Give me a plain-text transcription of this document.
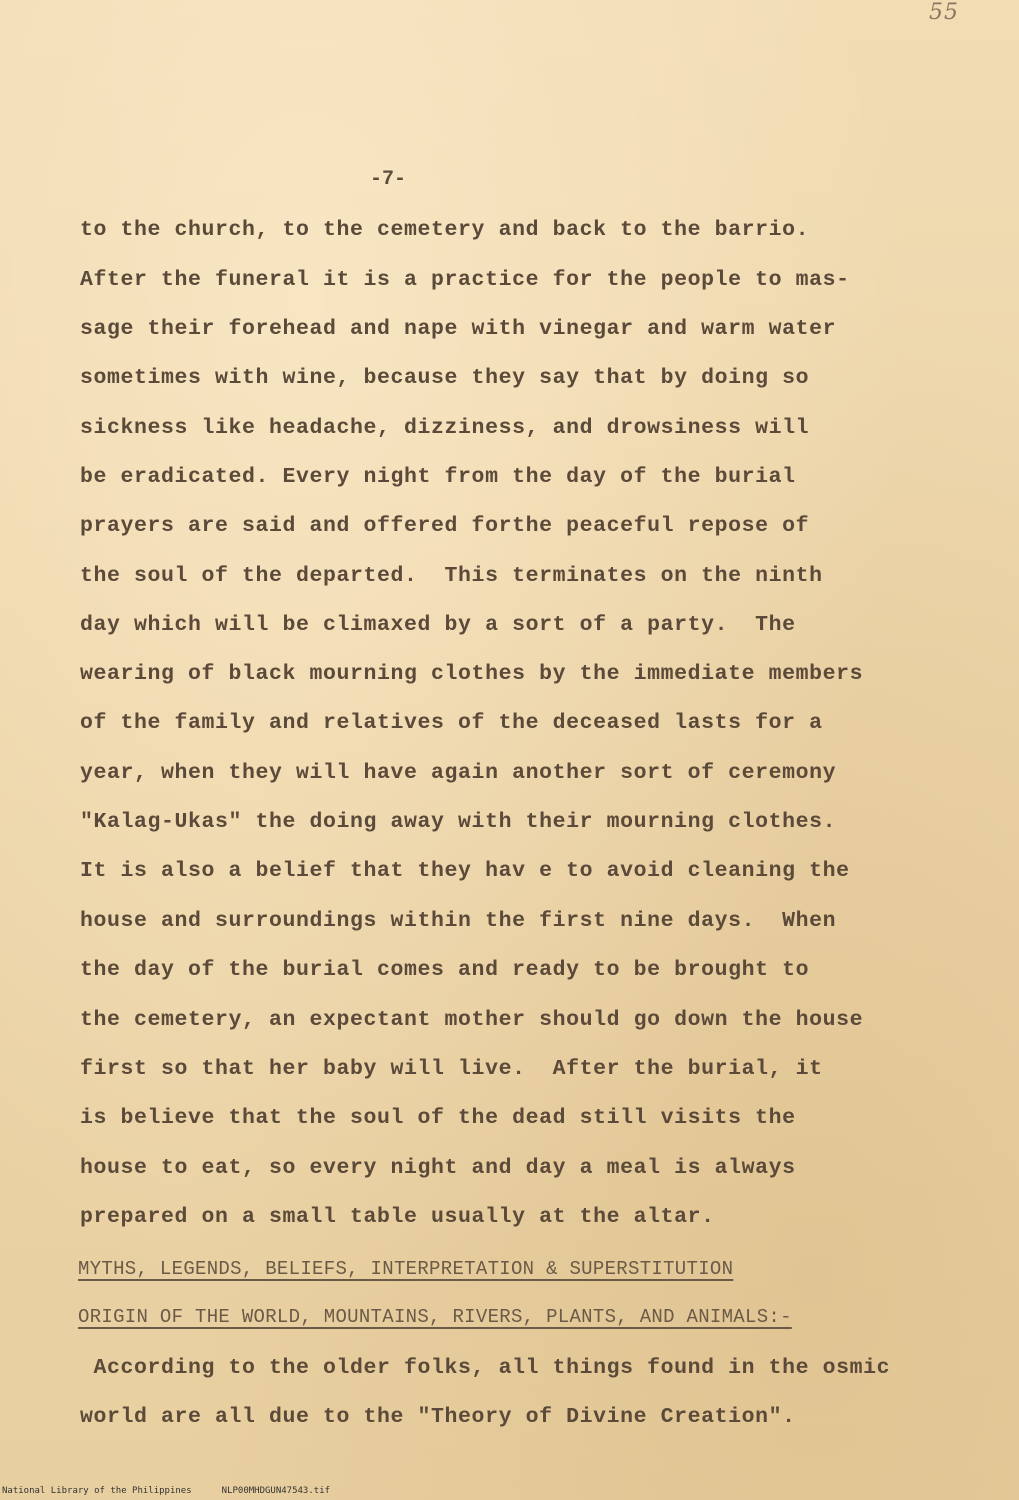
55
-7-
to the church, to the cemetery and back to the barrio.
After the funeral it is a practice for the people to mas-
sage their forehead and nape with vinegar and warm water
sometimes with wine, because they say that by doing so
sickness like headache, dizziness, and drowsiness will
be eradicated. Every night from the day of the burial
prayers are said and offered forthe peaceful repose of
the soul of the departed.  This terminates on the ninth
day which will be climaxed by a sort of a party.  The
wearing of black mourning clothes by the immediate members
of the family and relatives of the deceased lasts for a
year, when they will have again another sort of ceremony
"Kalag-Ukas" the doing away with their mourning clothes.
It is also a belief that they hav e to avoid cleaning the
house and surroundings within the first nine days.  When
the day of the burial comes and ready to be brought to
the cemetery, an expectant mother should go down the house
first so that her baby will live.  After the burial, it
is believe that the soul of the dead still visits the
house to eat, so every night and day a meal is always
prepared on a small table usually at the altar.
MYTHS, LEGENDS, BELIEFS, INTERPRETATION & SUPERSTITUTION
ORIGIN OF THE WORLD, MOUNTAINS, RIVERS, PLANTS, AND ANIMALS:-
According to the older folks, all things found in the osmic
world are all due to the "Theory of Divine Creation".
National Library of the Philippines	NLP00MHDGUN47543.tif
